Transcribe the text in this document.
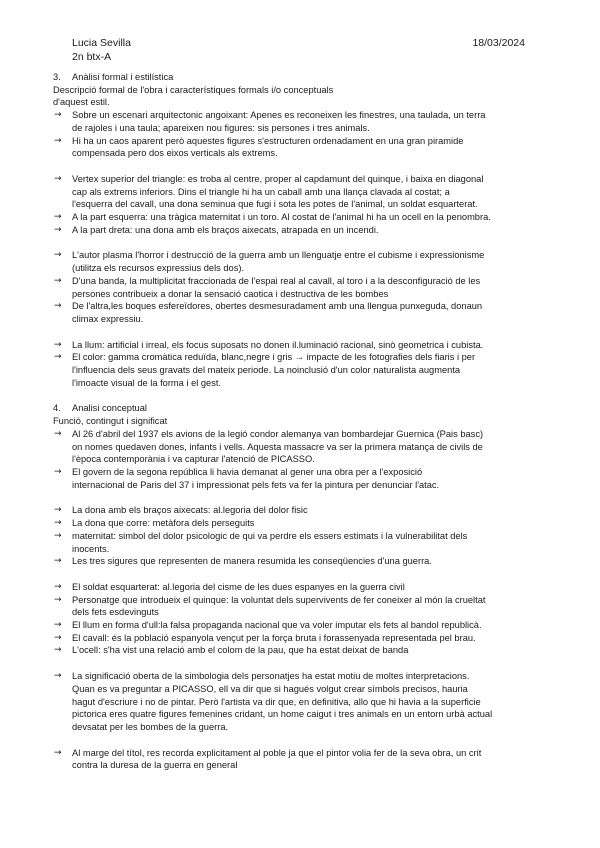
Lucia Sevilla
2n btx-A
18/03/2024

3. Anàlisi formal i estilística

Descripció formal de l'obra i característiques formals i/o conceptuals

d'aquest estil.

→ Sobre un escenari arquitectonic angoixant: Apenes es reconeixen les finestres, una taulada, un terra
de rajoles i una taula; apareixen nou figures: sis persones i tres animals.
→ Hi ha un caos aparent però aquestes figures s'estructuren ordenadament en una gran piramide
compensada pero dos eixos verticals als extrems.
→ Vertex superior del triangle: es troba al centre, proper al capdamunt del quinque, i baixa en diagonal
cap als extrems inferiors. Dins el triangle hi ha un caball amb una llança clavada al costat; a
l'esquerra del cavall, una dona seminua que fugi i sota les potes de l'animal, un soldat esquarterat.
→ A la part esquerra: una tràgica maternitat i un toro. Al costat de l'animal hi ha un ocell en la penombra.
→ A la part dreta: una dona amb els braços aixecats, atrapada en un incendi.
→ L'autor plasma l'horror i destrucció de la guerra amb un llenguatje entre el cubisme i expressionisme
(utilitza els recursos expressius dels dos).
→ D'una banda, la multiplicitat fraccionada de l'espai real al cavall, al toro i a la desconfiguració de les
persones contribueix a donar la sensació caotica i destructiva de les bombes
→ De l'altra,les boques esfereïdores, obertes desmesuradament amb una llengua punxeguda, donaun
climax expressiu.
→ La llum: artificial i irreal, els focus suposats no donen il.luminació racional, sinò geometrica i cubista.
→ El color: gamma cromàtica reduïda, blanc,negre i gris → impacte de les fotografies dels fiaris i per
l'influencia dels seus gravats del mateix periode. La noinclusió d'un color naturalista augmenta
l'imoacte visual de la forma i el gest.

4. Analisi conceptual

Funció, contingut i significat

→ Al 26 d'abril del 1937 els avions de la legió condor alemanya van bombardejar Guernica (Pais basc)
on nomes quedaven dones, infants i vells. Aquesta massacre va ser la primera matança de civils de
l'època contemporània i va capturar l'atenció de PICASSO.
→ El govern de la segona república li havia demanat al gener una obra per a l'exposició
internacional de Paris del 37 i impressionat pels fets va fer la pintura per denunciar l'atac.
→ La dona amb els braços aixecats: al.legoria del dolor fisic
→ La dona que corre: metàfora dels perseguits
→ maternitat: simbol del dolor psicologic de qui va perdre els essers estimats i la vulnerabilitat dels
inocents.
→ Les tres sigures que representen de manera resumida les conseqüencies d'una guerra.
→ El soldat esquarterat: al.legoria del cisme de les dues espanyes en la guerra civil
→ Personatge que introdueix el quinque: la voluntat dels supervivents de fer coneixer al món la crueltat
dels fets esdevinguts
→ El llum en forma d'ull:la falsa propaganda nacional que va voler imputar els fets al bandol republicà.
→ El cavall: és la població espanyola vençut per la força bruta i forassenyada representada pel brau.
→ L'ocell: s'ha vist una relació amb el colom de la pau, que ha estat deixat de banda
→ La significació oberta de la simbologia dels personatjes ha estat motiu de moltes interpretacions.
Quan es va preguntar a PICASSO, ell va dir que si hagués volgut crear símbols precisos, hauria
hagut d'escriure i no de pintar. Però l'artista va dir que, en definitiva, allo que hi havia a la superficie
pictorica eres quatre figures femenines cridant, un home caigut i tres animals en un entorn urbà actual
devsatat per les bombes de la guerra.
→ Al marge del títol, res recorda explicitament al poble ja que el pintor volia fer de la seva obra, un crit
contra la duresa de la guerra en general
